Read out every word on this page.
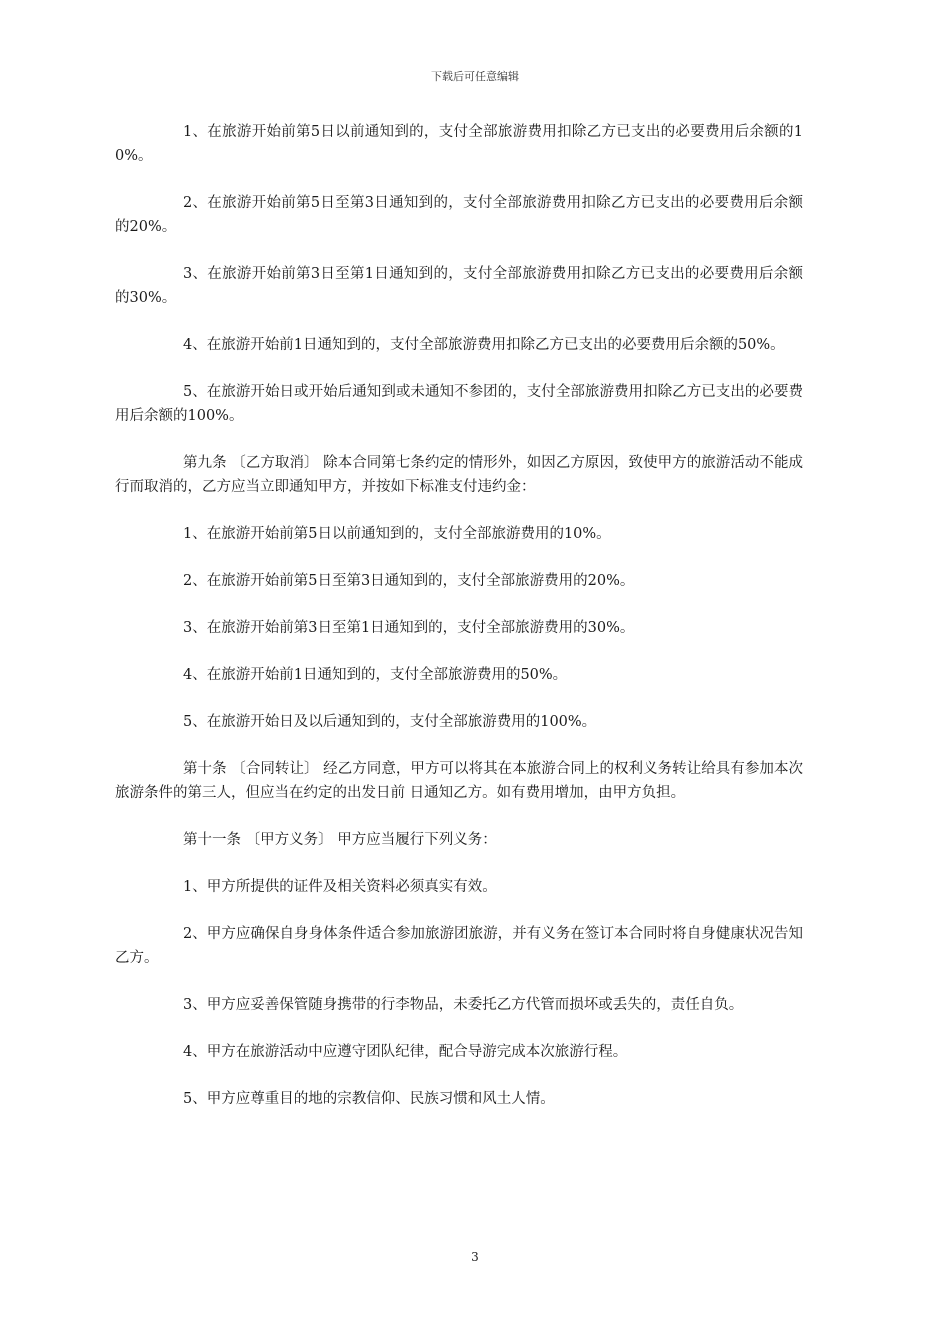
下载后可任意编辑

1、在旅游开始前第5日以前通知到的，支付全部旅游费用扣除乙方已支出的必要费用后余额的10%。

2、在旅游开始前第5日至第3日通知到的，支付全部旅游费用扣除乙方已支出的必要费用后余额的20%。

3、在旅游开始前第3日至第1日通知到的，支付全部旅游费用扣除乙方已支出的必要费用后余额的30%。

4、在旅游开始前1日通知到的，支付全部旅游费用扣除乙方已支出的必要费用后余额的50%。

5、在旅游开始日或开始后通知到或未通知不参团的，支付全部旅游费用扣除乙方已支出的必要费用后余额的100%。

第九条 〔乙方取消〕 除本合同第七条约定的情形外，如因乙方原因，致使甲方的旅游活动不能成行而取消的，乙方应当立即通知甲方，并按如下标准支付违约金：

1、在旅游开始前第5日以前通知到的，支付全部旅游费用的10%。

2、在旅游开始前第5日至第3日通知到的，支付全部旅游费用的20%。

3、在旅游开始前第3日至第1日通知到的，支付全部旅游费用的30%。

4、在旅游开始前1日通知到的，支付全部旅游费用的50%。

5、在旅游开始日及以后通知到的，支付全部旅游费用的100%。

第十条 〔合同转让〕 经乙方同意，甲方可以将其在本旅游合同上的权利义务转让给具有参加本次旅游条件的第三人，但应当在约定的出发日前 日通知乙方。如有费用增加，由甲方负担。

第十一条 〔甲方义务〕 甲方应当履行下列义务：

1、甲方所提供的证件及相关资料必须真实有效。

2、甲方应确保自身身体条件适合参加旅游团旅游，并有义务在签订本合同时将自身健康状况告知乙方。

3、甲方应妥善保管随身携带的行李物品，未委托乙方代管而损坏或丢失的，责任自负。

4、甲方在旅游活动中应遵守团队纪律，配合导游完成本次旅游行程。

5、甲方应尊重目的地的宗教信仰、民族习惯和风土人情。

3
